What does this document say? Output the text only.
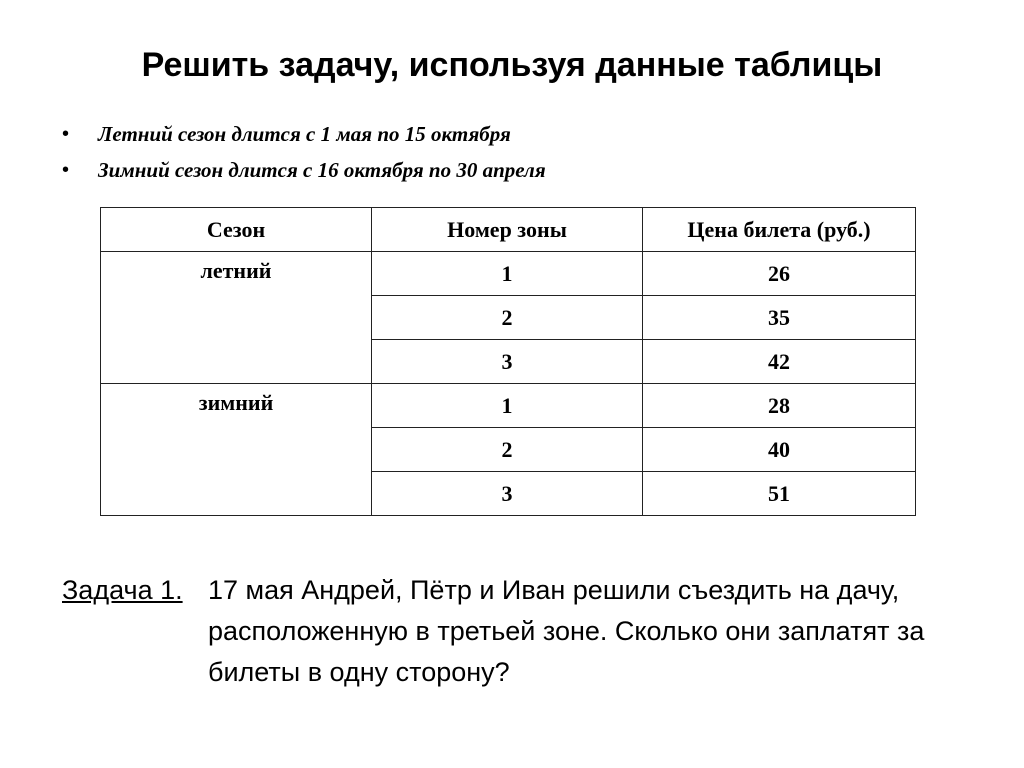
Решить задачу, используя данные таблицы
• Летний сезон длится с 1 мая по 15 октября
• Зимний сезон длится с 16 октября по 30 апреля
Сезон	Номер зоны	Цена билета (руб.)
летний	1	26
	2	35
	3	42
зимний	1	28
	2	40
	3	51
Задача 1. 17 мая Андрей, Пётр и Иван решили съездить на дачу, расположенную в третьей зоне. Сколько они заплатят за билеты в одну сторону?
